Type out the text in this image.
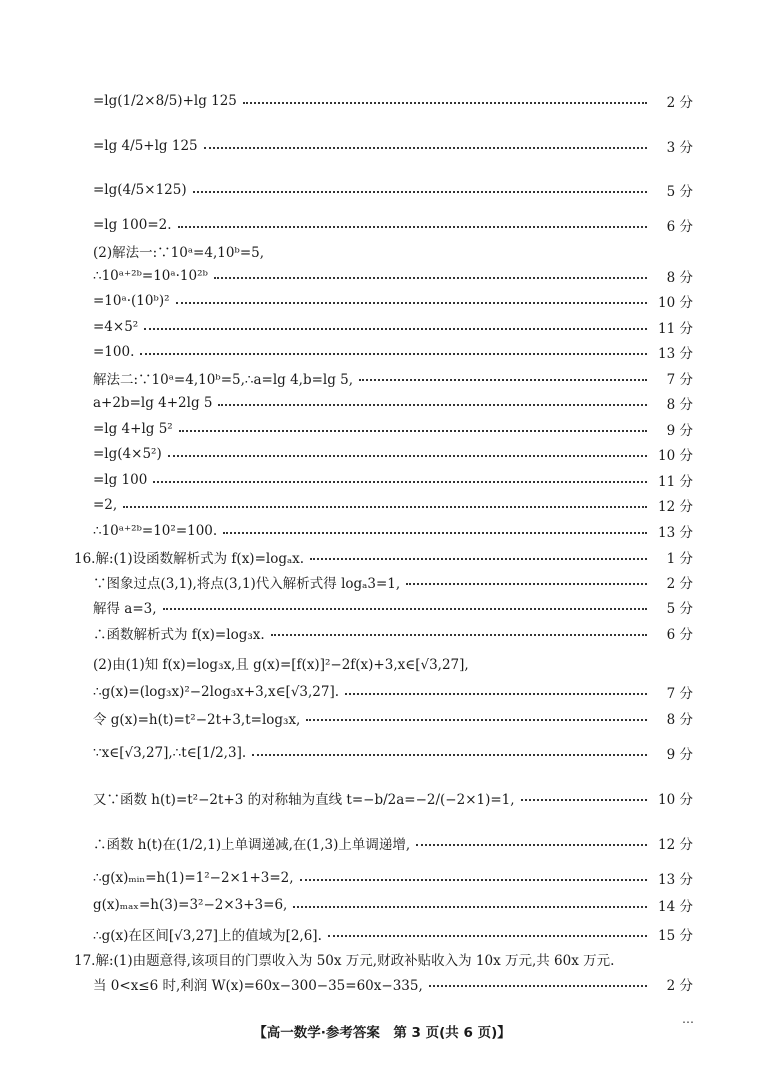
=lg(1/2×8/5)+lg 125	2 分
=lg 4/5+lg 125	3 分
=lg(4/5×125)	5 分
=lg 100=2.	6 分
(2)解法一:∵10ᵃ=4,10ᵇ=5,
∴10ᵃ⁺²ᵇ=10ᵃ·10²ᵇ	8 分
=10ᵃ·(10ᵇ)²	10 分
=4×5²	11 分
=100.	13 分
解法二:∵10ᵃ=4,10ᵇ=5,∴a=lg 4,b=lg 5,	7 分
a+2b=lg 4+2lg 5	8 分
=lg 4+lg 5²	9 分
=lg(4×5²)	10 分
=lg 100	11 分
=2,	12 分
∴10ᵃ⁺²ᵇ=10²=100.	13 分
16.解:(1)设函数解析式为 f(x)=logₐx.	1 分
∵图象过点(3,1),将点(3,1)代入解析式得 logₐ3=1,	2 分
解得 a=3,	5 分
∴函数解析式为 f(x)=log₃x.	6 分
(2)由(1)知 f(x)=log₃x,且 g(x)=[f(x)]²−2f(x)+3,x∈[√3,27],
∴g(x)=(log₃x)²−2log₃x+3,x∈[√3,27].	7 分
令 g(x)=h(t)=t²−2t+3,t=log₃x,	8 分
∵x∈[√3,27],∴t∈[1/2,3].	9 分
又∵函数 h(t)=t²−2t+3 的对称轴为直线 t=−b/2a=−2/(−2×1)=1,	10 分
∴函数 h(t)在(1/2,1)上单调递减,在(1,3)上单调递增,	12 分
∴g(x)ₘᵢₙ=h(1)=1²−2×1+3=2,	13 分
g(x)ₘₐₓ=h(3)=3²−2×3+3=6,	14 分
∴g(x)在区间[√3,27]上的值域为[2,6].	15 分
17.解:(1)由题意得,该项目的门票收入为 50x 万元,财政补贴收入为 10x 万元,共 60x 万元.
当 0<x≤6 时,利润 W(x)=60x−300−35=60x−335,	2 分
【高一数学·参考答案　第 3 页(共 6 页)】
…
